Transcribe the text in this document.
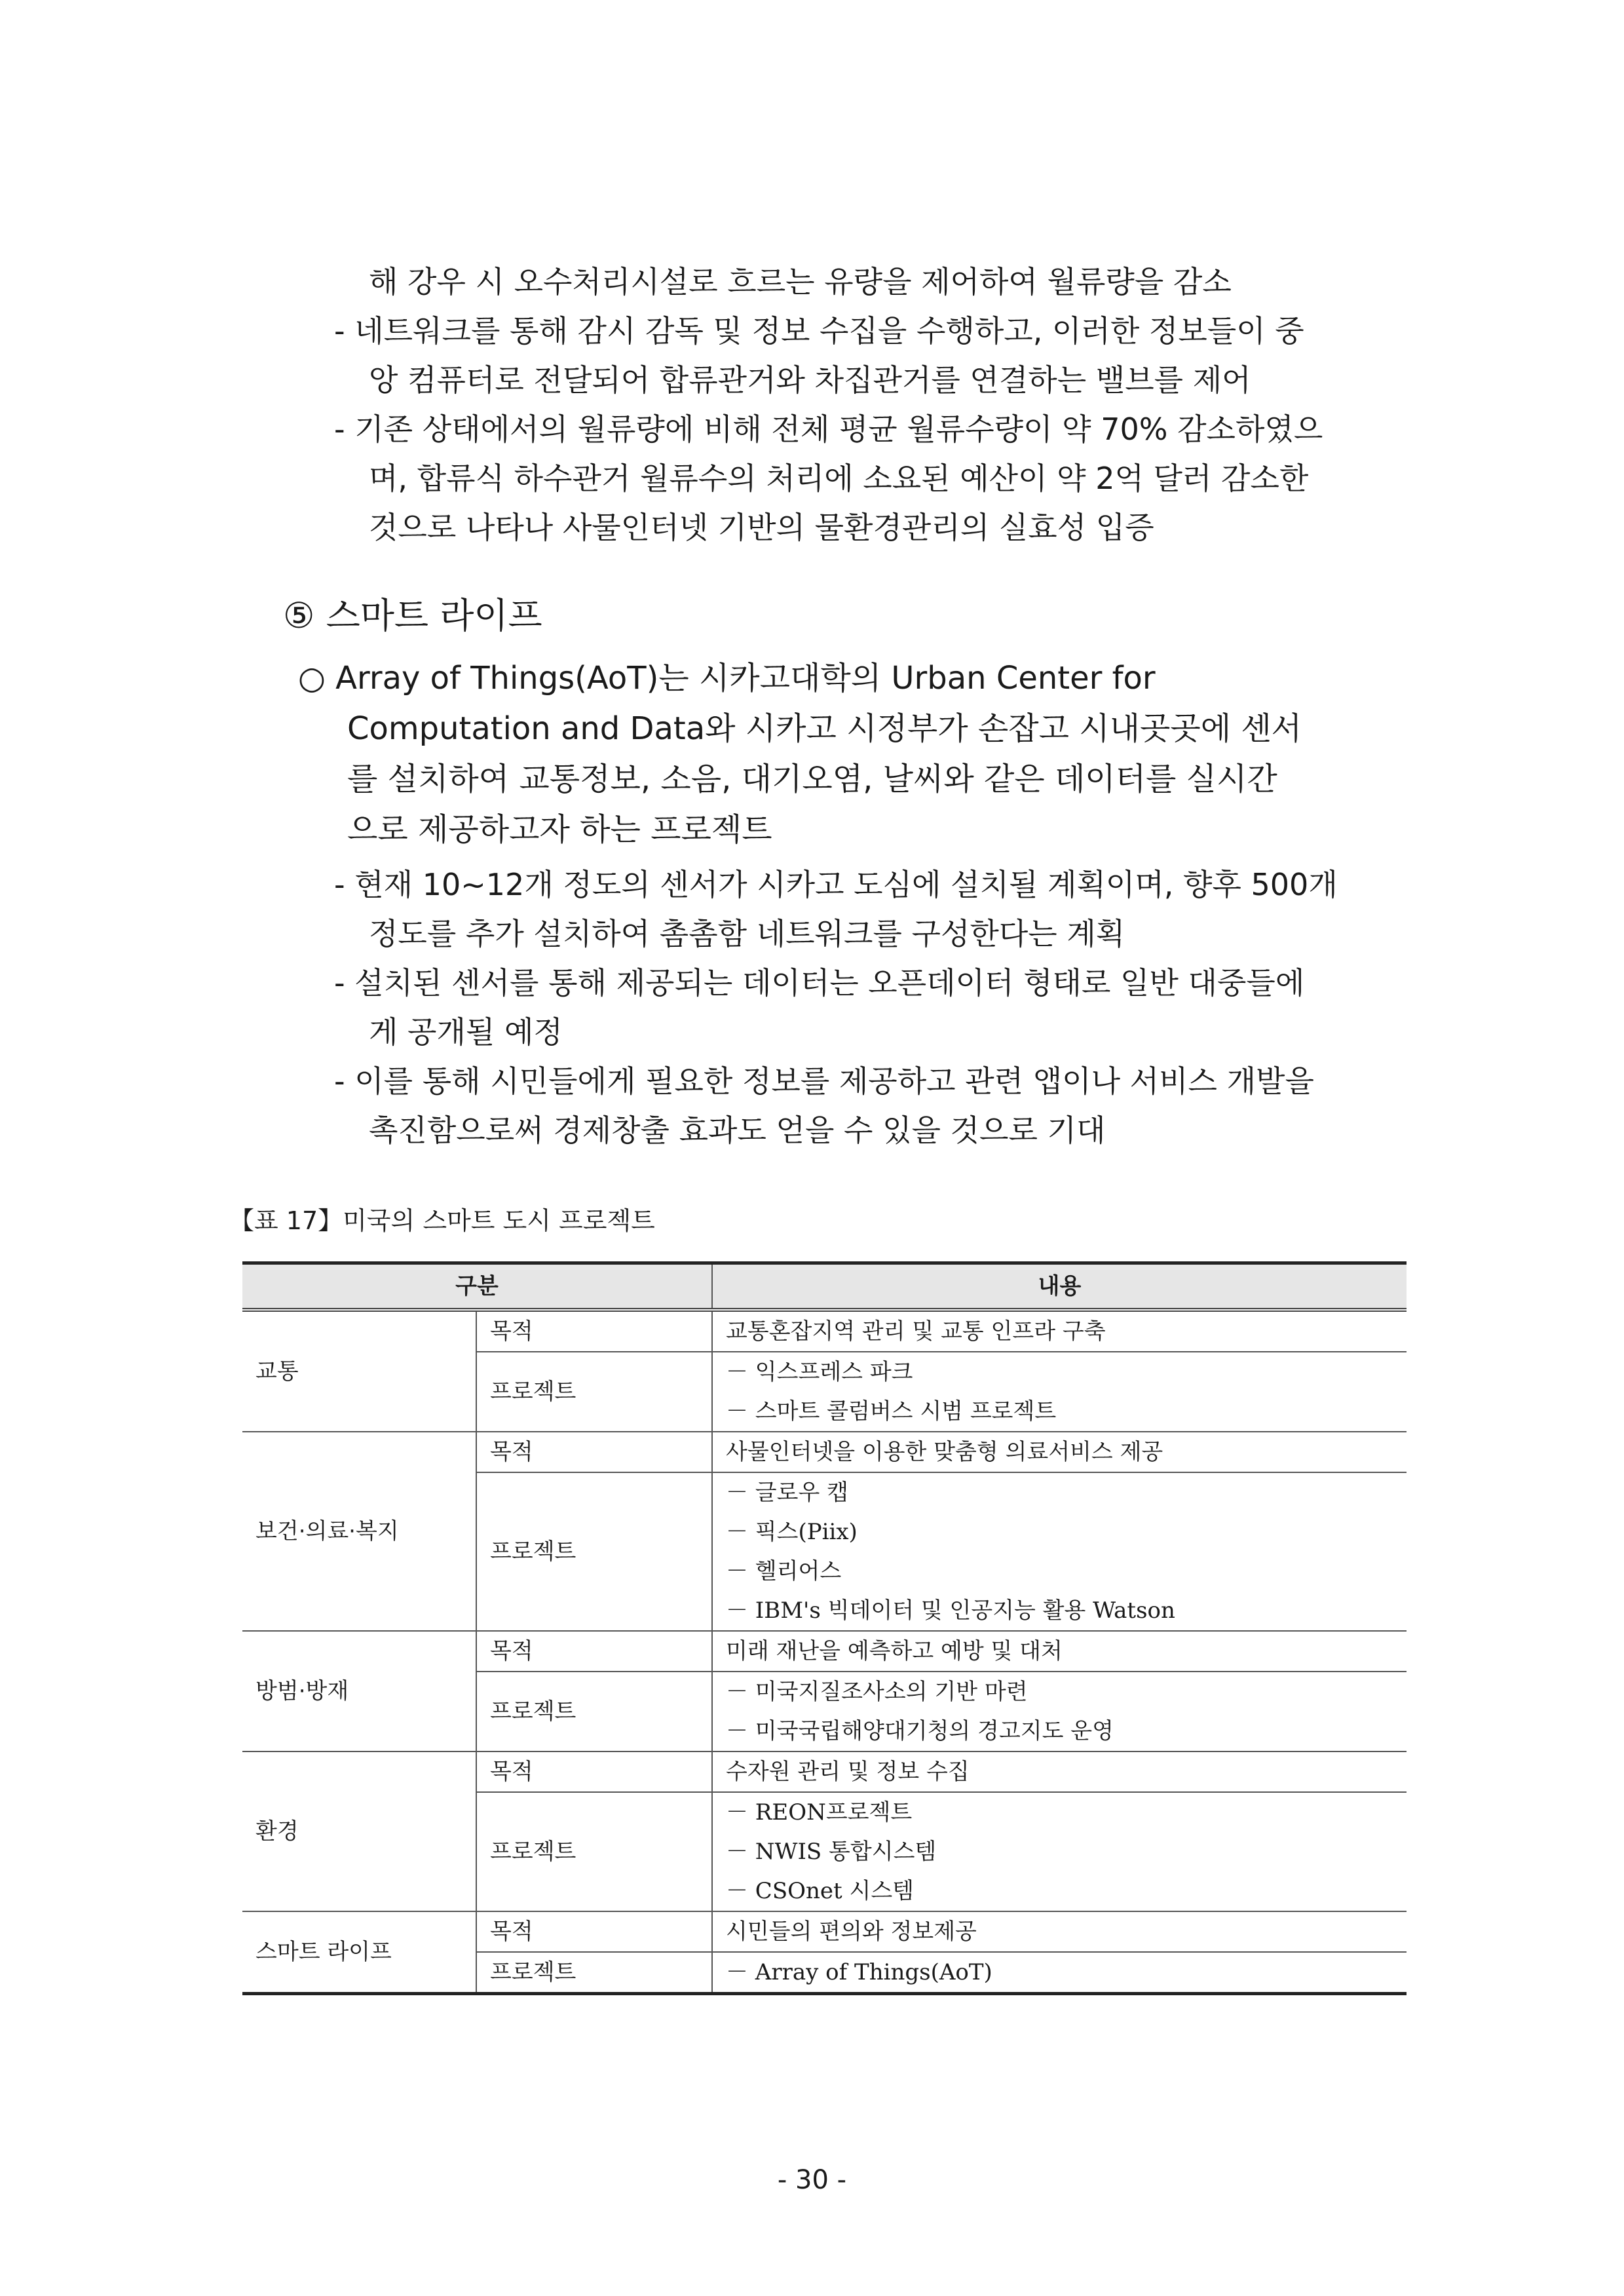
해 강우 시 오수처리시설로 흐르는 유량을 제어하여 월류량을 감소
- 네트워크를 통해 감시 감독 및 정보 수집을 수행하고, 이러한 정보들이 중
앙 컴퓨터로 전달되어 합류관거와 차집관거를 연결하는 밸브를 제어
- 기존 상태에서의 월류량에 비해 전체 평균 월류수량이 약 70% 감소하였으
며, 합류식 하수관거 월류수의 처리에 소요된 예산이 약 2억 달러 감소한
것으로 나타나 사물인터넷 기반의 물환경관리의 실효성 입증
⑤ 스마트 라이프
○ Array of Things(AoT)는 시카고대학의 Urban Center for
Computation and Data와 시카고 시정부가 손잡고 시내곳곳에 센서
를 설치하여 교통정보, 소음, 대기오염, 날씨와 같은 데이터를 실시간
으로 제공하고자 하는 프로젝트
- 현재 10~12개 정도의 센서가 시카고 도심에 설치될 계획이며, 향후 500개
정도를 추가 설치하여 촘촘함 네트워크를 구성한다는 계획
- 설치된 센서를 통해 제공되는 데이터는 오픈데이터 형태로 일반 대중들에
게 공개될 예정
- 이를 통해 시민들에게 필요한 정보를 제공하고 관련 앱이나 서비스 개발을
촉진함으로써 경제창출 효과도 얻을 수 있을 것으로 기대
【표 17】미국의 스마트 도시 프로젝트
구분		내용
교통	목적	교통혼잡지역 관리 및 교통 인프라 구축
	프로젝트	－ 익스프레스 파크
－ 스마트 콜럼버스 시범 프로젝트

보건·의료·복지	목적	사물인터넷을 이용한 맞춤형 의료서비스 제공
	프로젝트	－ 글로우 캡
－ 픽스(Piix)
－ 헬리어스
－ IBM's 빅데이터 및 인공지능 활용 Watson

방범·방재	목적	미래 재난을 예측하고 예방 및 대처
	프로젝트	－ 미국지질조사소의 기반 마련
－ 미국국립해양대기청의 경고지도 운영

환경	목적	수자원 관리 및 정보 수집
	프로젝트	－ REON프로젝트
－ NWIS 통합시스템
－ CSOnet 시스템

스마트 라이프	목적	시민들의 편의와 정보제공
	프로젝트	－ Array of Things(AoT)
- 30 -
